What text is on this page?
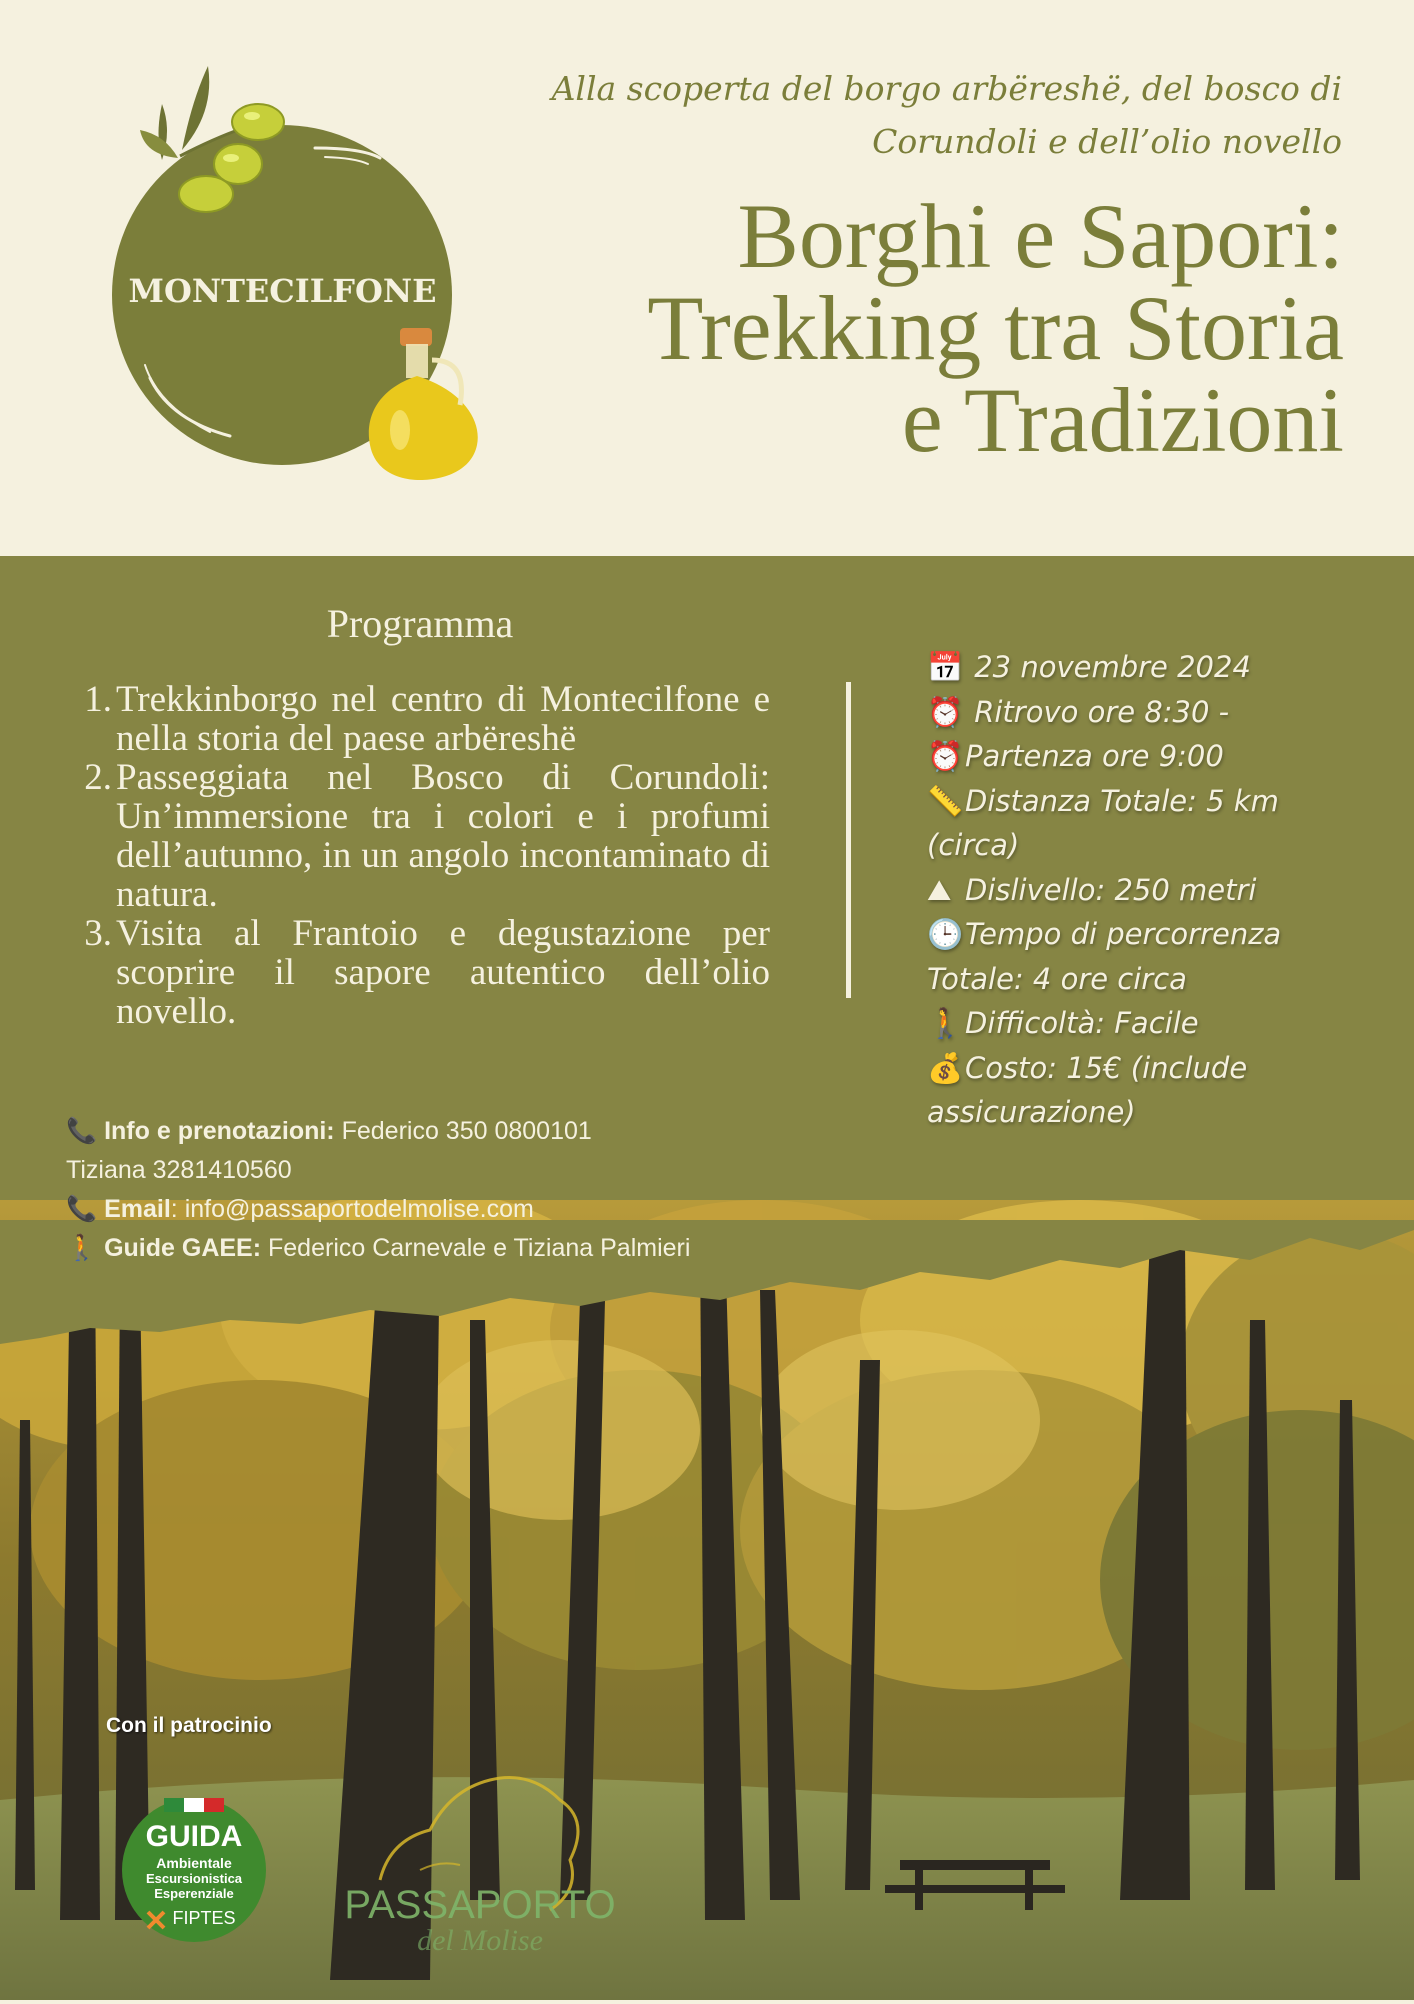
MONTECILFONE
Alla scoperta del borgo arbëreshë, del bosco di
Corundoli e dell’olio novello
Borghi e Sapori:
Trekking tra Storia
e Tradizioni
Programma
1. Trekkinborgo nel centro di Montecilfone e nella storia del paese arbëreshë
2. Passeggiata nel Bosco di Corundoli: Un’immersione tra i colori e i profumi dell’autunno, in un angolo incontaminato di natura.
3. Visita al Frantoio e degustazione per scoprire il sapore autentico dell’olio novello.
📅 23 novembre 2024
⏰ Ritrovo ore 8:30 -
⏰Partenza ore 9:00
📏Distanza Totale: 5 km (circa)
⛰ Dislivello: 250 metri
🕒Tempo di percorrenza Totale: 4 ore circa
🚶Difficoltà: Facile
💰Costo: 15€ (include assicurazione)
📞 Info e prenotazioni: Federico 350 0800101
Tiziana 3281410560
📞 Email: info@passaportodelmolise.com
🚶 Guide GAEE: Federico Carnevale e Tiziana Palmieri
Con il patrocinio
GUIDA
Ambientale
Escursionistica
Esperenziale
FIPTES	PASSAPORTO
del Molise
